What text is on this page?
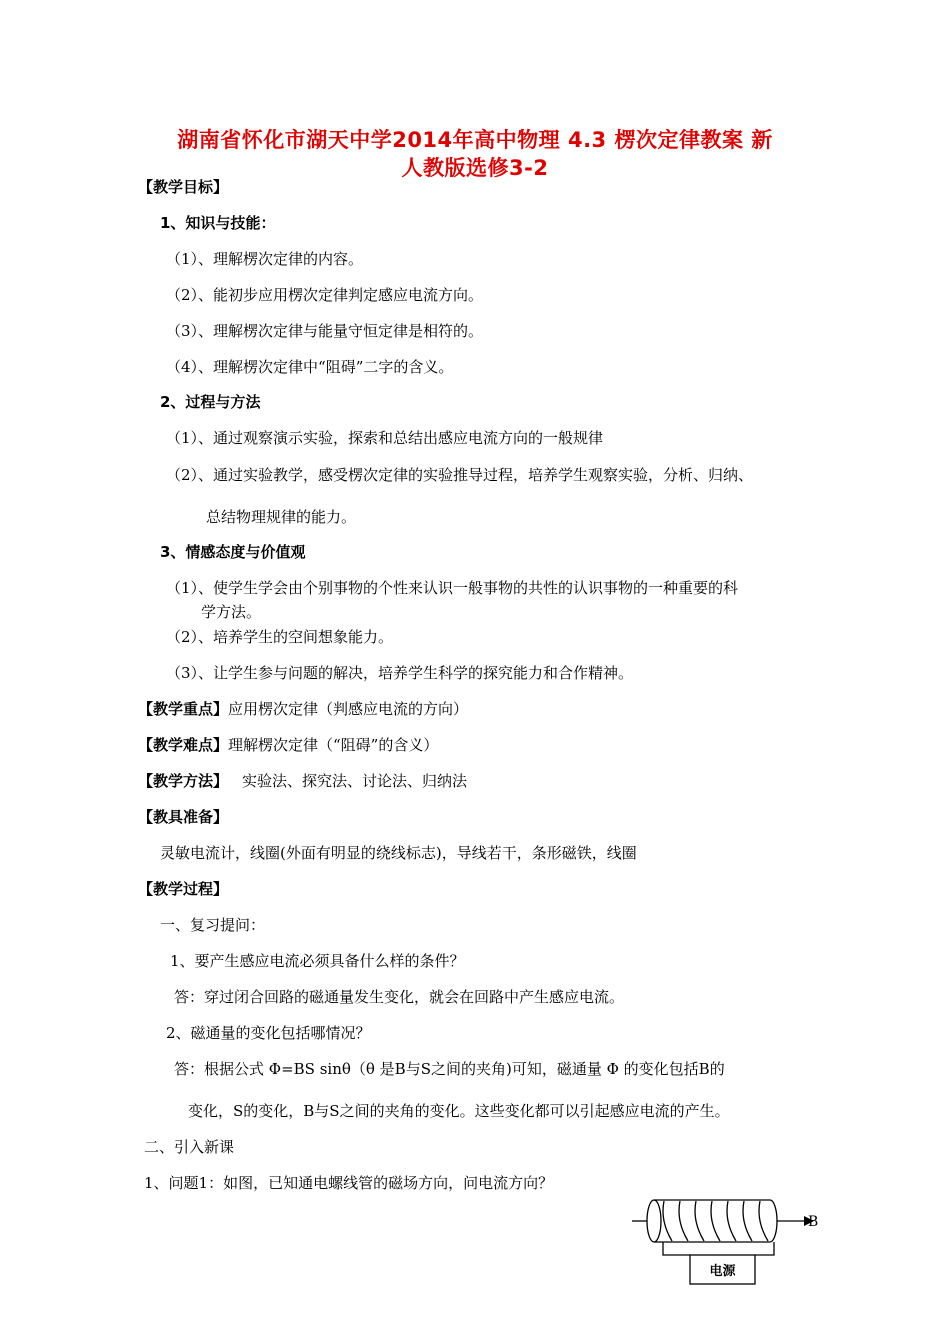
湖南省怀化市湖天中学2014年高中物理 4.3 楞次定律教案 新
人教版选修3-2
【教学目标】
1、知识与技能：
（1）、理解楞次定律的内容。
（2）、能初步应用楞次定律判定感应电流方向。
（3）、理解楞次定律与能量守恒定律是相符的。
（4）、理解楞次定律中“阻碍”二字的含义。
2、过程与方法
（1）、通过观察演示实验，探索和总结出感应电流方向的一般规律
（2）、通过实验教学，感受楞次定律的实验推导过程，培养学生观察实验，分析、归纳、
总结物理规律的能力。
3、情感态度与价值观
（1）、使学生学会由个别事物的个性来认识一般事物的共性的认识事物的一种重要的科
学方法。
（2）、培养学生的空间想象能力。
（3）、让学生参与问题的解决，培养学生科学的探究能力和合作精神。
【教学重点】应用楞次定律（判感应电流的方向）
【教学难点】理解楞次定律（“阻碍”的含义）
【教学方法】 实验法、探究法、讨论法、归纳法
【教具准备】
灵敏电流计，线圈(外面有明显的绕线标志)，导线若干，条形磁铁，线圈
【教学过程】
一、复习提问：
1、要产生感应电流必须具备什么样的条件？
答：穿过闭合回路的磁通量发生变化，就会在回路中产生感应电流。
2、磁通量的变化包括哪情况？
答：根据公式 Φ=BS sinθ（θ 是B与S之间的夹角)可知，磁通量 Φ 的变化包括B的
变化，S的变化，B与S之间的夹角的变化。这些变化都可以引起感应电流的产生。
二、引入新课
1、问题1：如图，已知通电螺线管的磁场方向，问电流方向？
电源
B
